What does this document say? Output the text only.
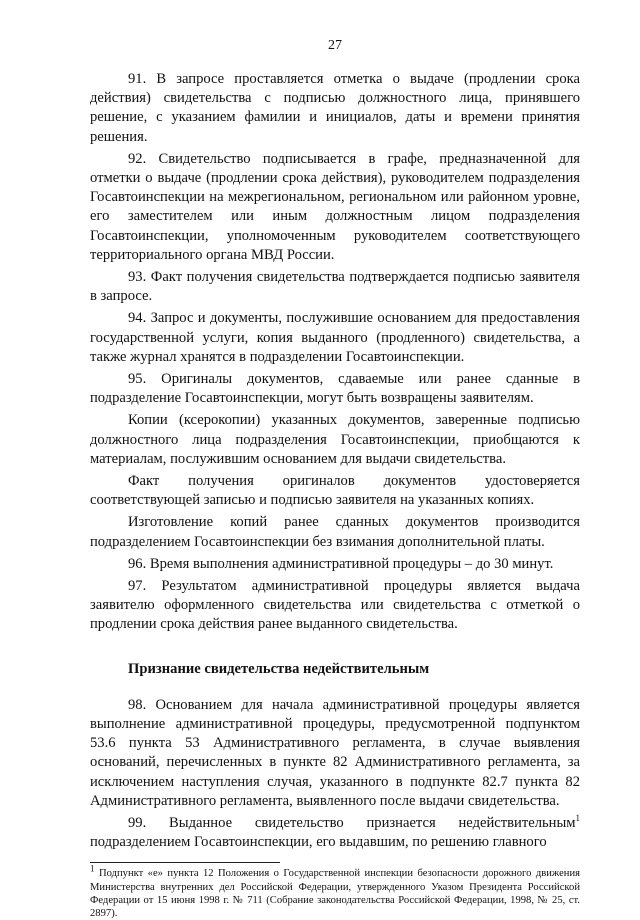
27

91. В запросе проставляется отметка о выдаче (продлении срока действия) свидетельства с подписью должностного лица, принявшего решение, с указанием фамилии и инициалов, даты и времени принятия решения.

92. Свидетельство подписывается в графе, предназначенной для отметки о выдаче (продлении срока действия), руководителем подразделения Госавтоинспекции на межрегиональном, региональном или районном уровне, его заместителем или иным должностным лицом подразделения Госавтоинспекции, уполномоченным руководителем соответствующего территориального органа МВД России.

93. Факт получения свидетельства подтверждается подписью заявителя в запросе.

94. Запрос и документы, послужившие основанием для предоставления государственной услуги, копия выданного (продленного) свидетельства, а также журнал хранятся в подразделении Госавтоинспекции.

95. Оригиналы документов, сдаваемые или ранее сданные в подразделение Госавтоинспекции, могут быть возвращены заявителям.

Копии (ксерокопии) указанных документов, заверенные подписью должностного лица подразделения Госавтоинспекции, приобщаются к материалам, послужившим основанием для выдачи свидетельства.

Факт получения оригиналов документов удостоверяется соответствующей записью и подписью заявителя на указанных копиях.

Изготовление копий ранее сданных документов производится подразделением Госавтоинспекции без взимания дополнительной платы.

96. Время выполнения административной процедуры – до 30 минут.

97. Результатом административной процедуры является выдача заявителю оформленного свидетельства или свидетельства с отметкой о продлении срока действия ранее выданного свидетельства.

Признание свидетельства недействительным

98. Основанием для начала административной процедуры является выполнение административной процедуры, предусмотренной подпунктом 53.6 пункта 53 Административного регламента, в случае выявления оснований, перечисленных в пункте 82 Административного регламента, за исключением наступления случая, указанного в подпункте 82.7 пункта 82 Административного регламента, выявленного после выдачи свидетельства.

99. Выданное свидетельство признается недействительным$^1$ подразделением Госавтоинспекции, его выдавшим, по решению главного

$^1$ Подпункт «е» пункта 12 Положения о Государственной инспекции безопасности дорожного движения Министерства внутренних дел Российской Федерации, утвержденного Указом Президента Российской Федерации от 15 июня 1998 г. № 711 (Собрание законодательства Российской Федерации, 1998, № 25, ст. 2897).
